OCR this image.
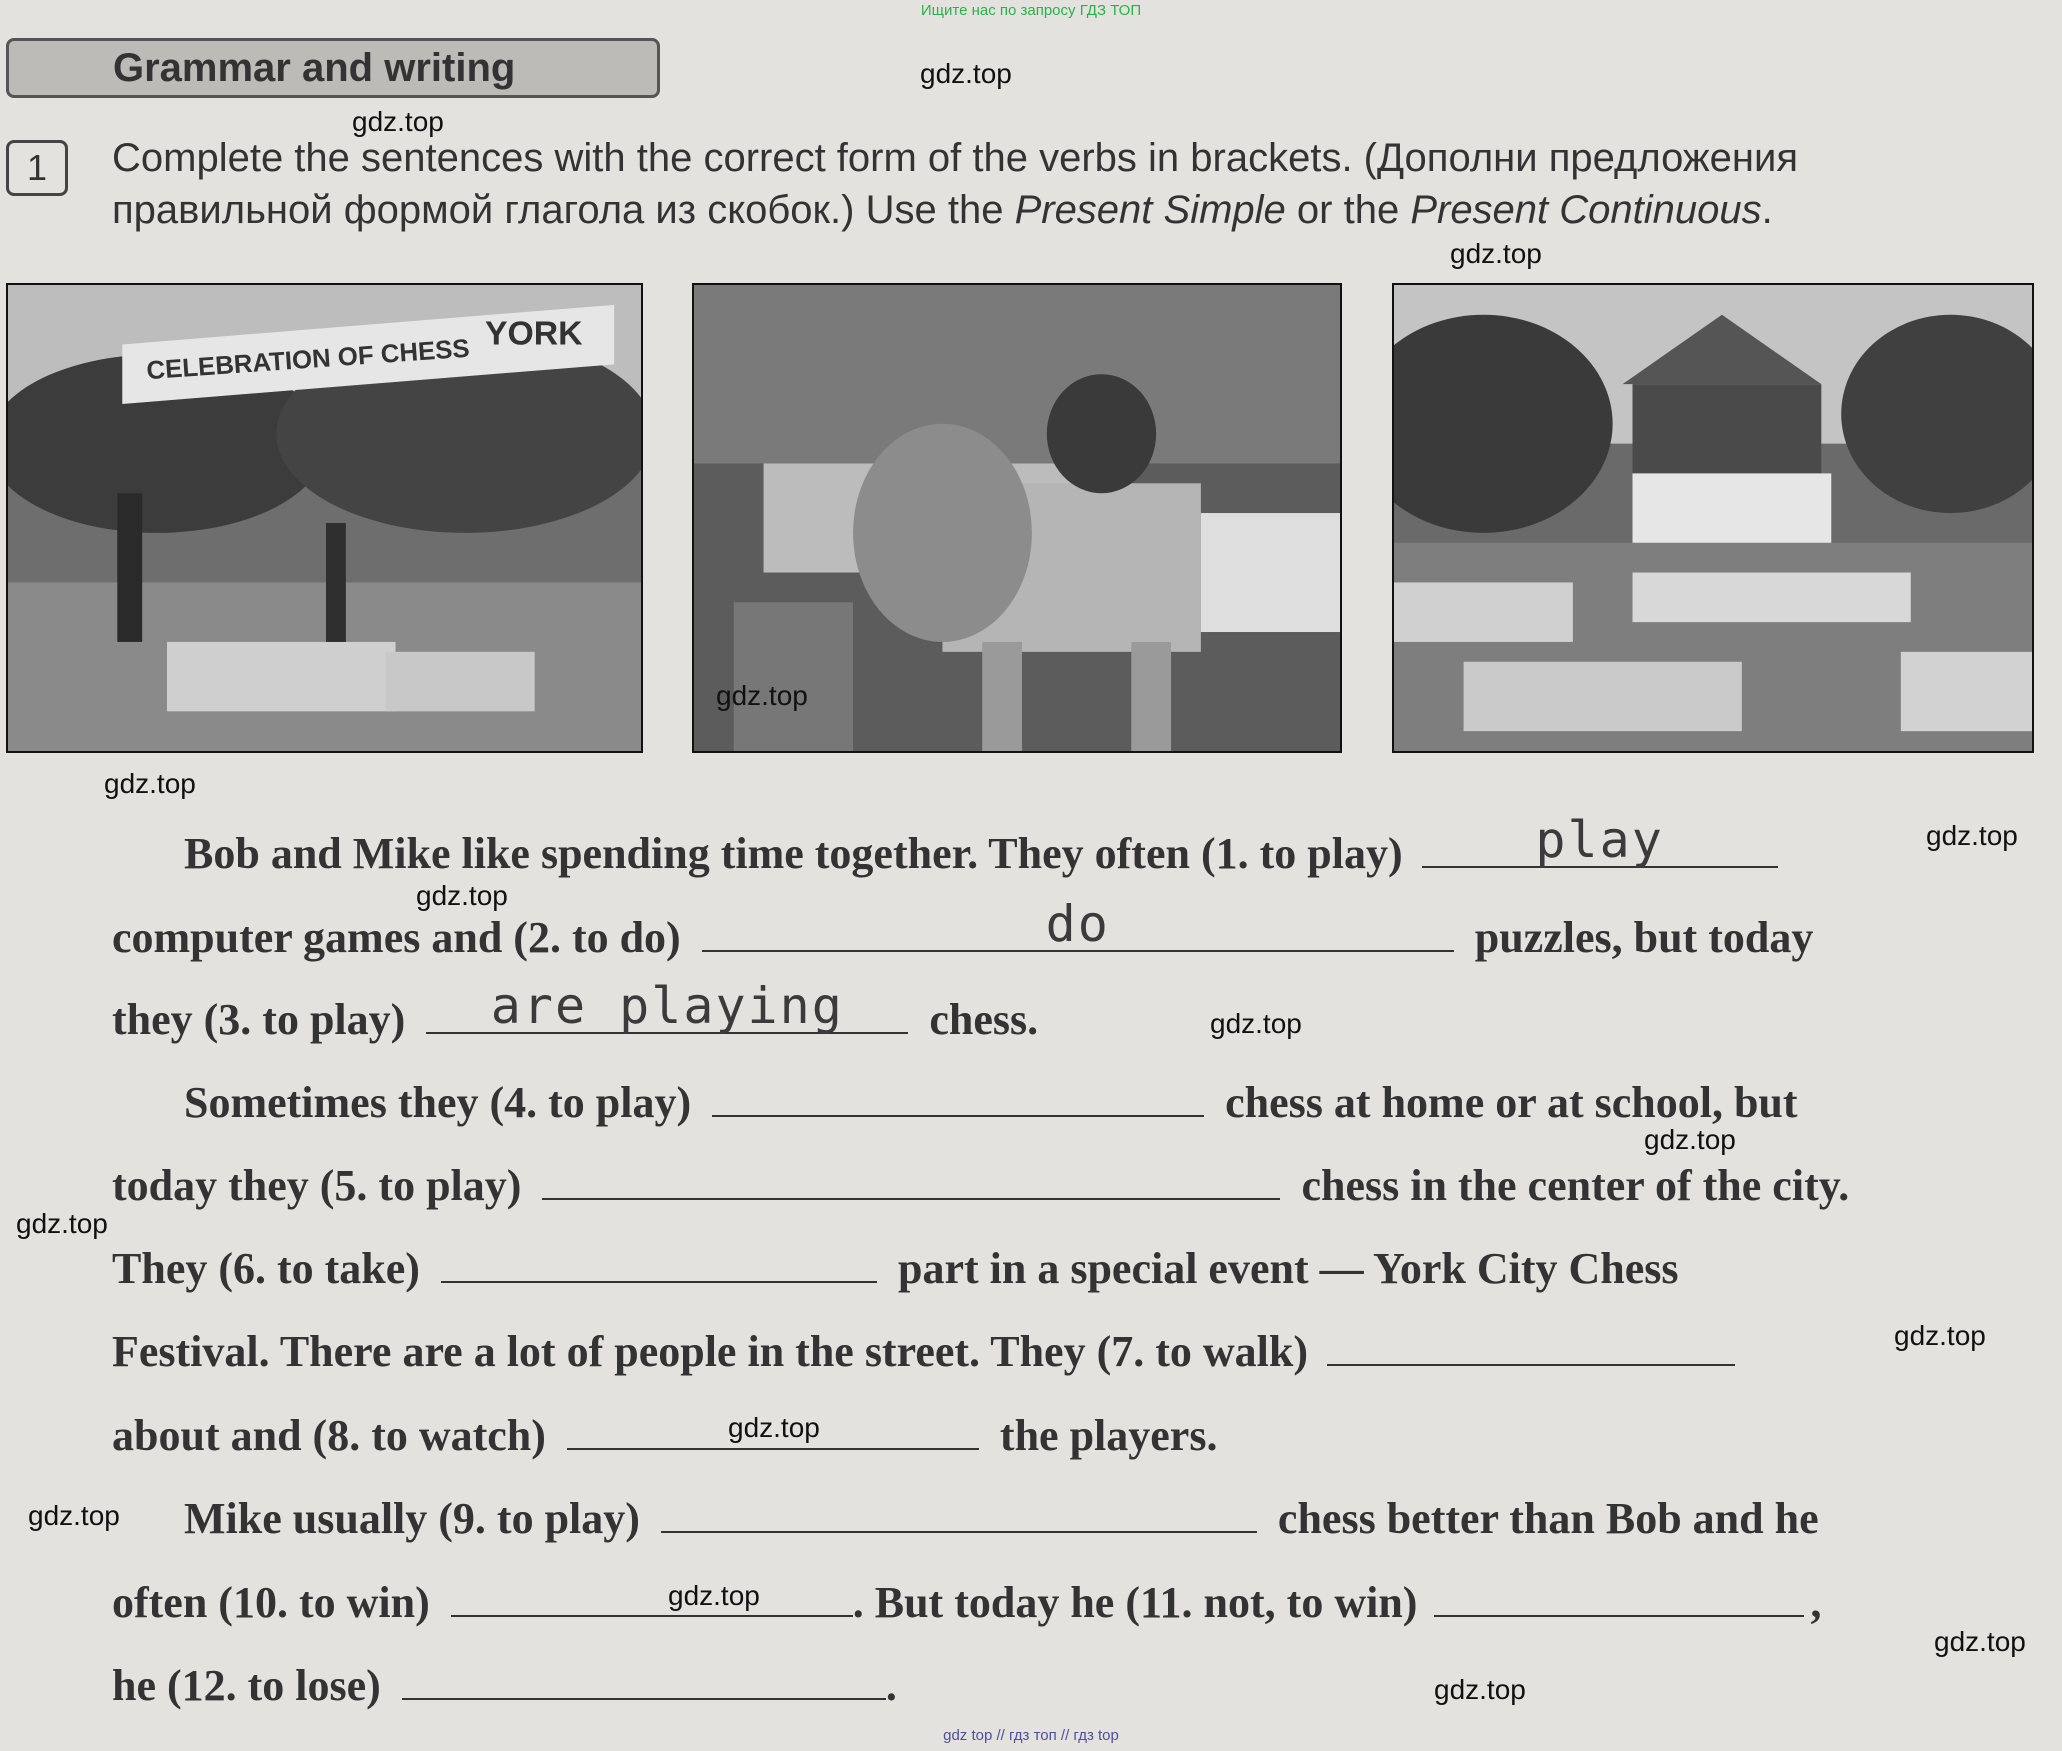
Ищите нас по запросу ГДЗ ТОП
Grammar and writing
1	Complete the sentences with the correct form of the verbs in brackets. (Дополни предложения
правильной формой глагола из скобок.) Use the Present Simple or the Present Continuous.
CELEBRATION OF CHESS
YORK
Bob and Mike like spending time together. They often (1. to play)	play
computer games and (2. to do)	do	puzzles, but today
they (3. to play)	are playing	chess.
Sometimes they (4. to play)	chess at home or at school, but
today they (5. to play)	chess in the center of the city.
They (6. to take)	part in a special event — York City Chess
Festival. There are a lot of people in the street. They (7. to walk)
about and (8. to watch)	the players.
Mike usually (9. to play)	chess better than Bob and he
often (10. to win)	. But today he (11. not, to win)	,
he (12. to lose)	.
gdz.top
gdz.top
gdz.top
gdz.top
gdz.top
gdz.top
gdz.top
gdz.top
gdz.top
gdz.top
gdz.top
gdz.top
gdz.top
gdz.top
gdz.top
gdz.top
gdz top // гдз топ // гдз top
